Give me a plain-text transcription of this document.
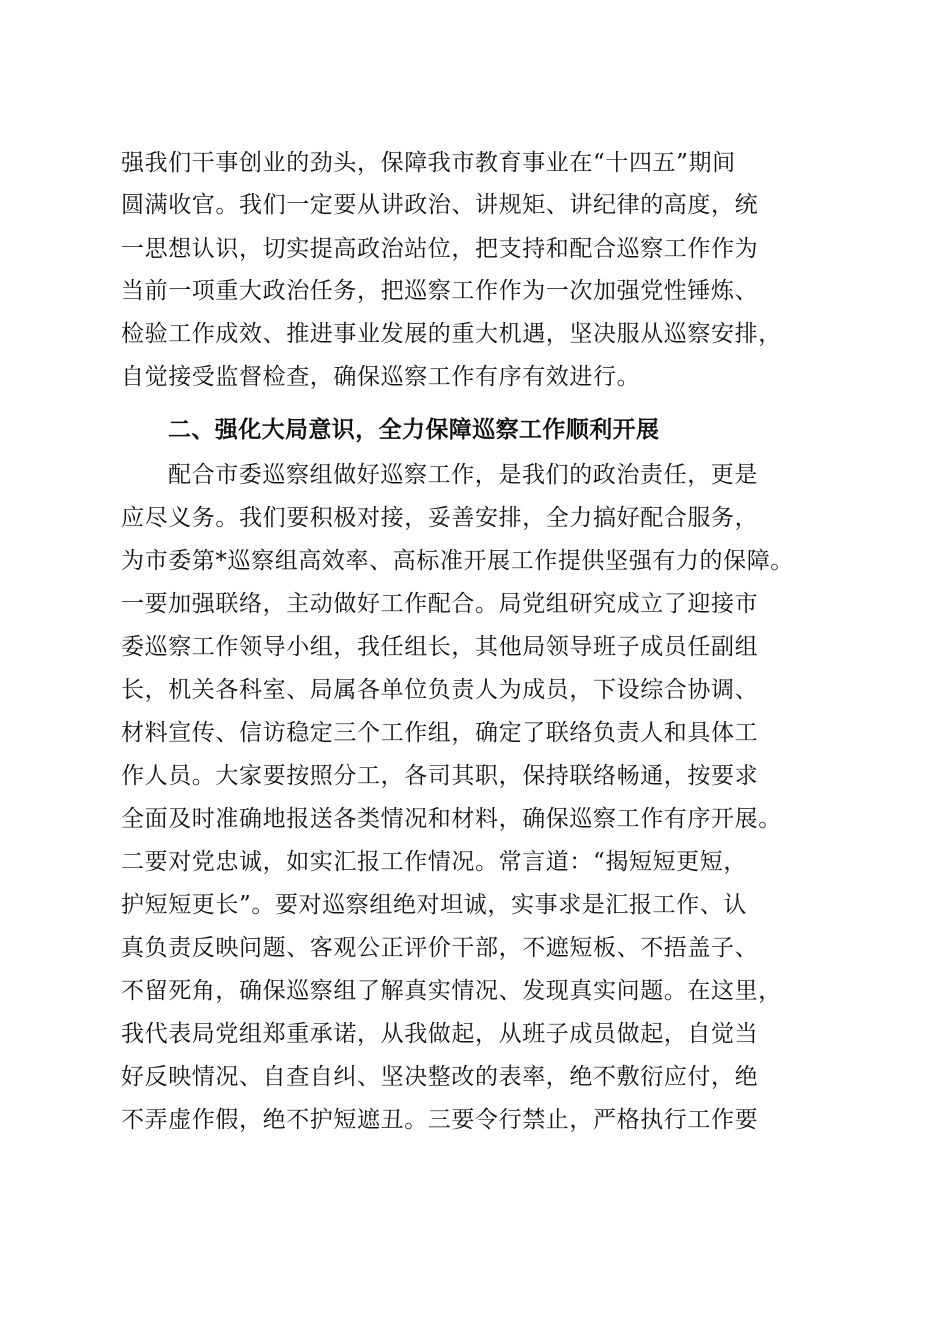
强我们干事创业的劲头，保障我市教育事业在“十四五”期间
圆满收官。我们一定要从讲政治、讲规矩、讲纪律的高度，统
一思想认识，切实提高政治站位，把支持和配合巡察工作作为
当前一项重大政治任务，把巡察工作作为一次加强党性锤炼、
检验工作成效、推进事业发展的重大机遇，坚决服从巡察安排，
自觉接受监督检查，确保巡察工作有序有效进行。
二、强化大局意识，全力保障巡察工作顺利开展
配合市委巡察组做好巡察工作，是我们的政治责任，更是
应尽义务。我们要积极对接，妥善安排，全力搞好配合服务，
为市委第*巡察组高效率、高标准开展工作提供坚强有力的保障。
一要加强联络，主动做好工作配合。局党组研究成立了迎接市
委巡察工作领导小组，我任组长，其他局领导班子成员任副组
长，机关各科室、局属各单位负责人为成员，下设综合协调、
材料宣传、信访稳定三个工作组，确定了联络负责人和具体工
作人员。大家要按照分工，各司其职，保持联络畅通，按要求
全面及时准确地报送各类情况和材料，确保巡察工作有序开展。
二要对党忠诚，如实汇报工作情况。常言道：“揭短短更短，
护短短更长”。要对巡察组绝对坦诚，实事求是汇报工作、认
真负责反映问题、客观公正评价干部，不遮短板、不捂盖子、
不留死角，确保巡察组了解真实情况、发现真实问题。在这里，
我代表局党组郑重承诺，从我做起，从班子成员做起，自觉当
好反映情况、自查自纠、坚决整改的表率，绝不敷衍应付，绝
不弄虚作假，绝不护短遮丑。三要令行禁止，严格执行工作要
